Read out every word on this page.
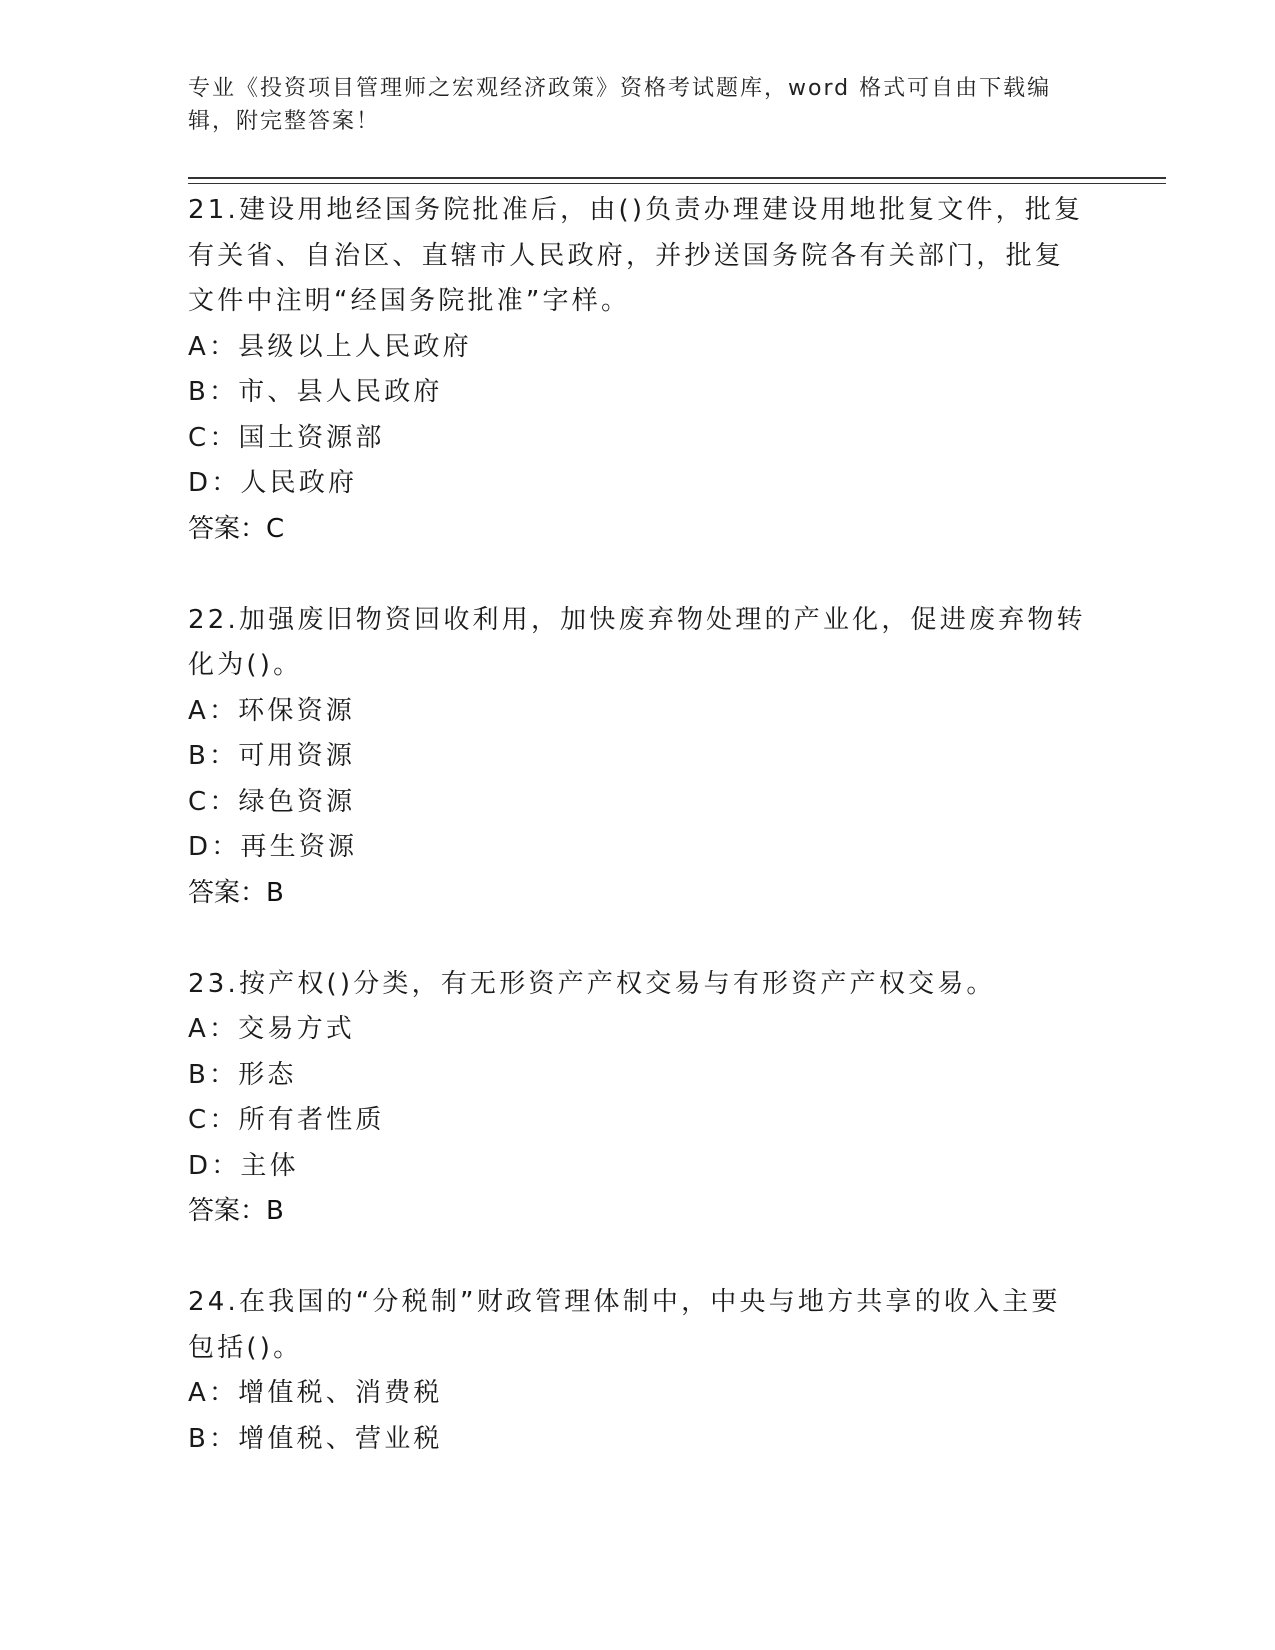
专业《投资项目管理师之宏观经济政策》资格考试题库，word 格式可自由下载编
辑，附完整答案！
21.建设用地经国务院批准后，由()负责办理建设用地批复文件，批复
有关省、自治区、直辖市人民政府，并抄送国务院各有关部门，批复
文件中注明“经国务院批准”字样。
A：县级以上人民政府
B：市、县人民政府
C：国土资源部
D：人民政府
答案：C
22.加强废旧物资回收利用，加快废弃物处理的产业化，促进废弃物转
化为()。
A：环保资源
B：可用资源
C：绿色资源
D：再生资源
答案：B
23.按产权()分类，有无形资产产权交易与有形资产产权交易。
A：交易方式
B：形态
C：所有者性质
D：主体
答案：B
24.在我国的“分税制”财政管理体制中，中央与地方共享的收入主要
包括()。
A：增值税、消费税
B：增值税、营业税
